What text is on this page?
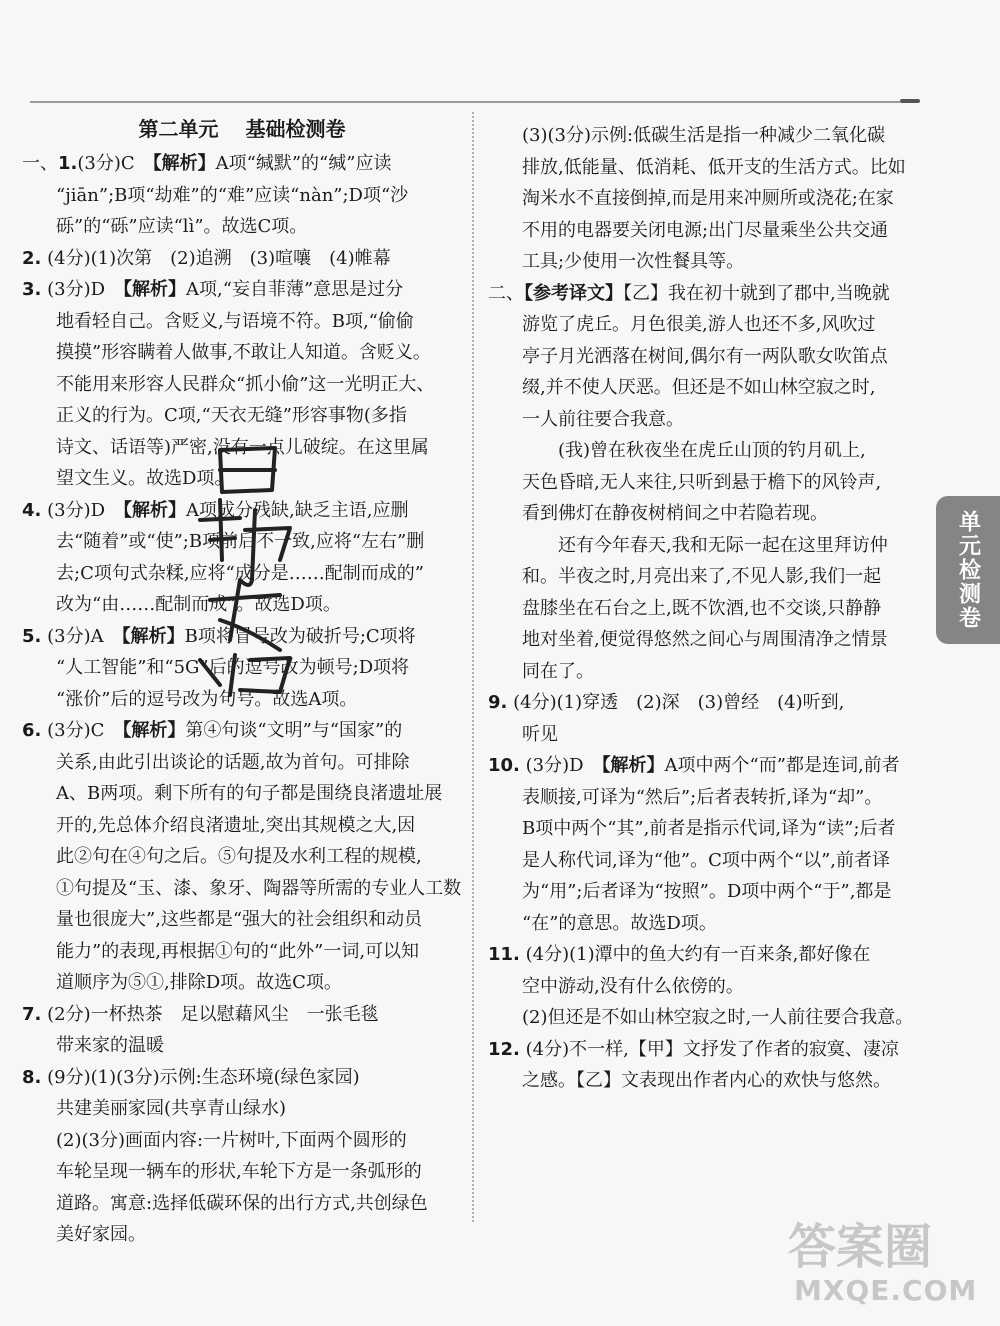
第二单元 基础检测卷

一、1.(3分)C　 【解析】A项“缄默”的“缄”应读

“jiān”;B项“劫难”的“难”应读“nàn”;D项“沙

砾”的“砾”应读“lì”。故选C项。

2. (4分)(1)次第　(2)追溯　(3)喧嚷　(4)帷幕

3. (3分)D　 【解析】A项,“妄自菲薄”意思是过分

地看轻自己。含贬义,与语境不符。B项,“偷偷

摸摸”形容瞒着人做事,不敢让人知道。含贬义。

不能用来形容人民群众“抓小偷”这一光明正大、

正义的行为。C项,“天衣无缝”形容事物(多指

诗文、话语等)严密,没有一点儿破绽。在这里属

望文生义。故选D项。

4. (3分)D　 【解析】A项成分残缺,缺乏主语,应删

去“随着”或“使”;B项前后不一致,应将“左右”删

去;C项句式杂糅,应将“成分是……配制而成的”

改为“由……配制而成”。故选D项。

5. (3分)A　 【解析】B项将冒号改为破折号;C项将

“人工智能”和“5G”后的逗号改为顿号;D项将

“涨价”后的逗号改为句号。故选A项。

6. (3分)C　 【解析】第④句谈“文明”与“国家”的

关系,由此引出谈论的话题,故为首句。可排除

A、B两项。剩下所有的句子都是围绕良渚遗址展

开的,先总体介绍良渚遗址,突出其规模之大,因

此②句在④句之后。⑤句提及水利工程的规模,

①句提及“玉、漆、象牙、陶器等所需的专业人工数

量也很庞大”,这些都是“强大的社会组织和动员

能力”的表现,再根据①句的“此外”一词,可以知

道顺序为⑤①,排除D项。故选C项。

7. (2分)一杯热茶　足以慰藉风尘　一张毛毯

带来家的温暖

8. (9分)(1)(3分)示例:生态环境(绿色家园)

共建美丽家园(共享青山绿水)

(2)(3分)画面内容:一片树叶,下面两个圆形的

车轮呈现一辆车的形状,车轮下方是一条弧形的

道路。寓意:选择低碳环保的出行方式,共创绿色

美好家园。

(3)(3分)示例:低碳生活是指一种减少二氧化碳

排放,低能量、低消耗、低开支的生活方式。比如

淘米水不直接倒掉,而是用来冲厕所或浇花;在家

不用的电器要关闭电源;出门尽量乘坐公共交通

工具;少使用一次性餐具等。

二、【参考译文】【乙】我在初十就到了郡中,当晚就

游览了虎丘。月色很美,游人也还不多,风吹过

亭子月光洒落在树间,偶尔有一两队歌女吹笛点

缀,并不使人厌恶。但还是不如山林空寂之时,

一人前往要合我意。

(我)曾在秋夜坐在虎丘山顶的钓月矶上,

天色昏暗,无人来往,只听到悬于檐下的风铃声,

看到佛灯在静夜树梢间之中若隐若现。

还有今年春天,我和无际一起在这里拜访仲

和。半夜之时,月亮出来了,不见人影,我们一起

盘膝坐在石台之上,既不饮酒,也不交谈,只静静

地对坐着,便觉得悠然之间心与周围清净之情景

同在了。

9. (4分)(1)穿透　(2)深　(3)曾经　(4)听到,

听见

10. (3分)D　 【解析】A项中两个“而”都是连词,前者

表顺接,可译为“然后”;后者表转折,译为“却”。

B项中两个“其”,前者是指示代词,译为“读”;后者

是人称代词,译为“他”。C项中两个“以”,前者译

为“用”;后者译为“按照”。D项中两个“于”,都是

“在”的意思。故选D项。

11. (4分)(1)潭中的鱼大约有一百来条,都好像在

空中游动,没有什么依傍的。

(2)但还是不如山林空寂之时,一人前往要合我意。

12. (4分)不一样,【甲】文抒发了作者的寂寞、凄凉

之感。【乙】文表现出作者内心的欢快与悠然。

单元检测卷
答案圈
MXQE.COM
